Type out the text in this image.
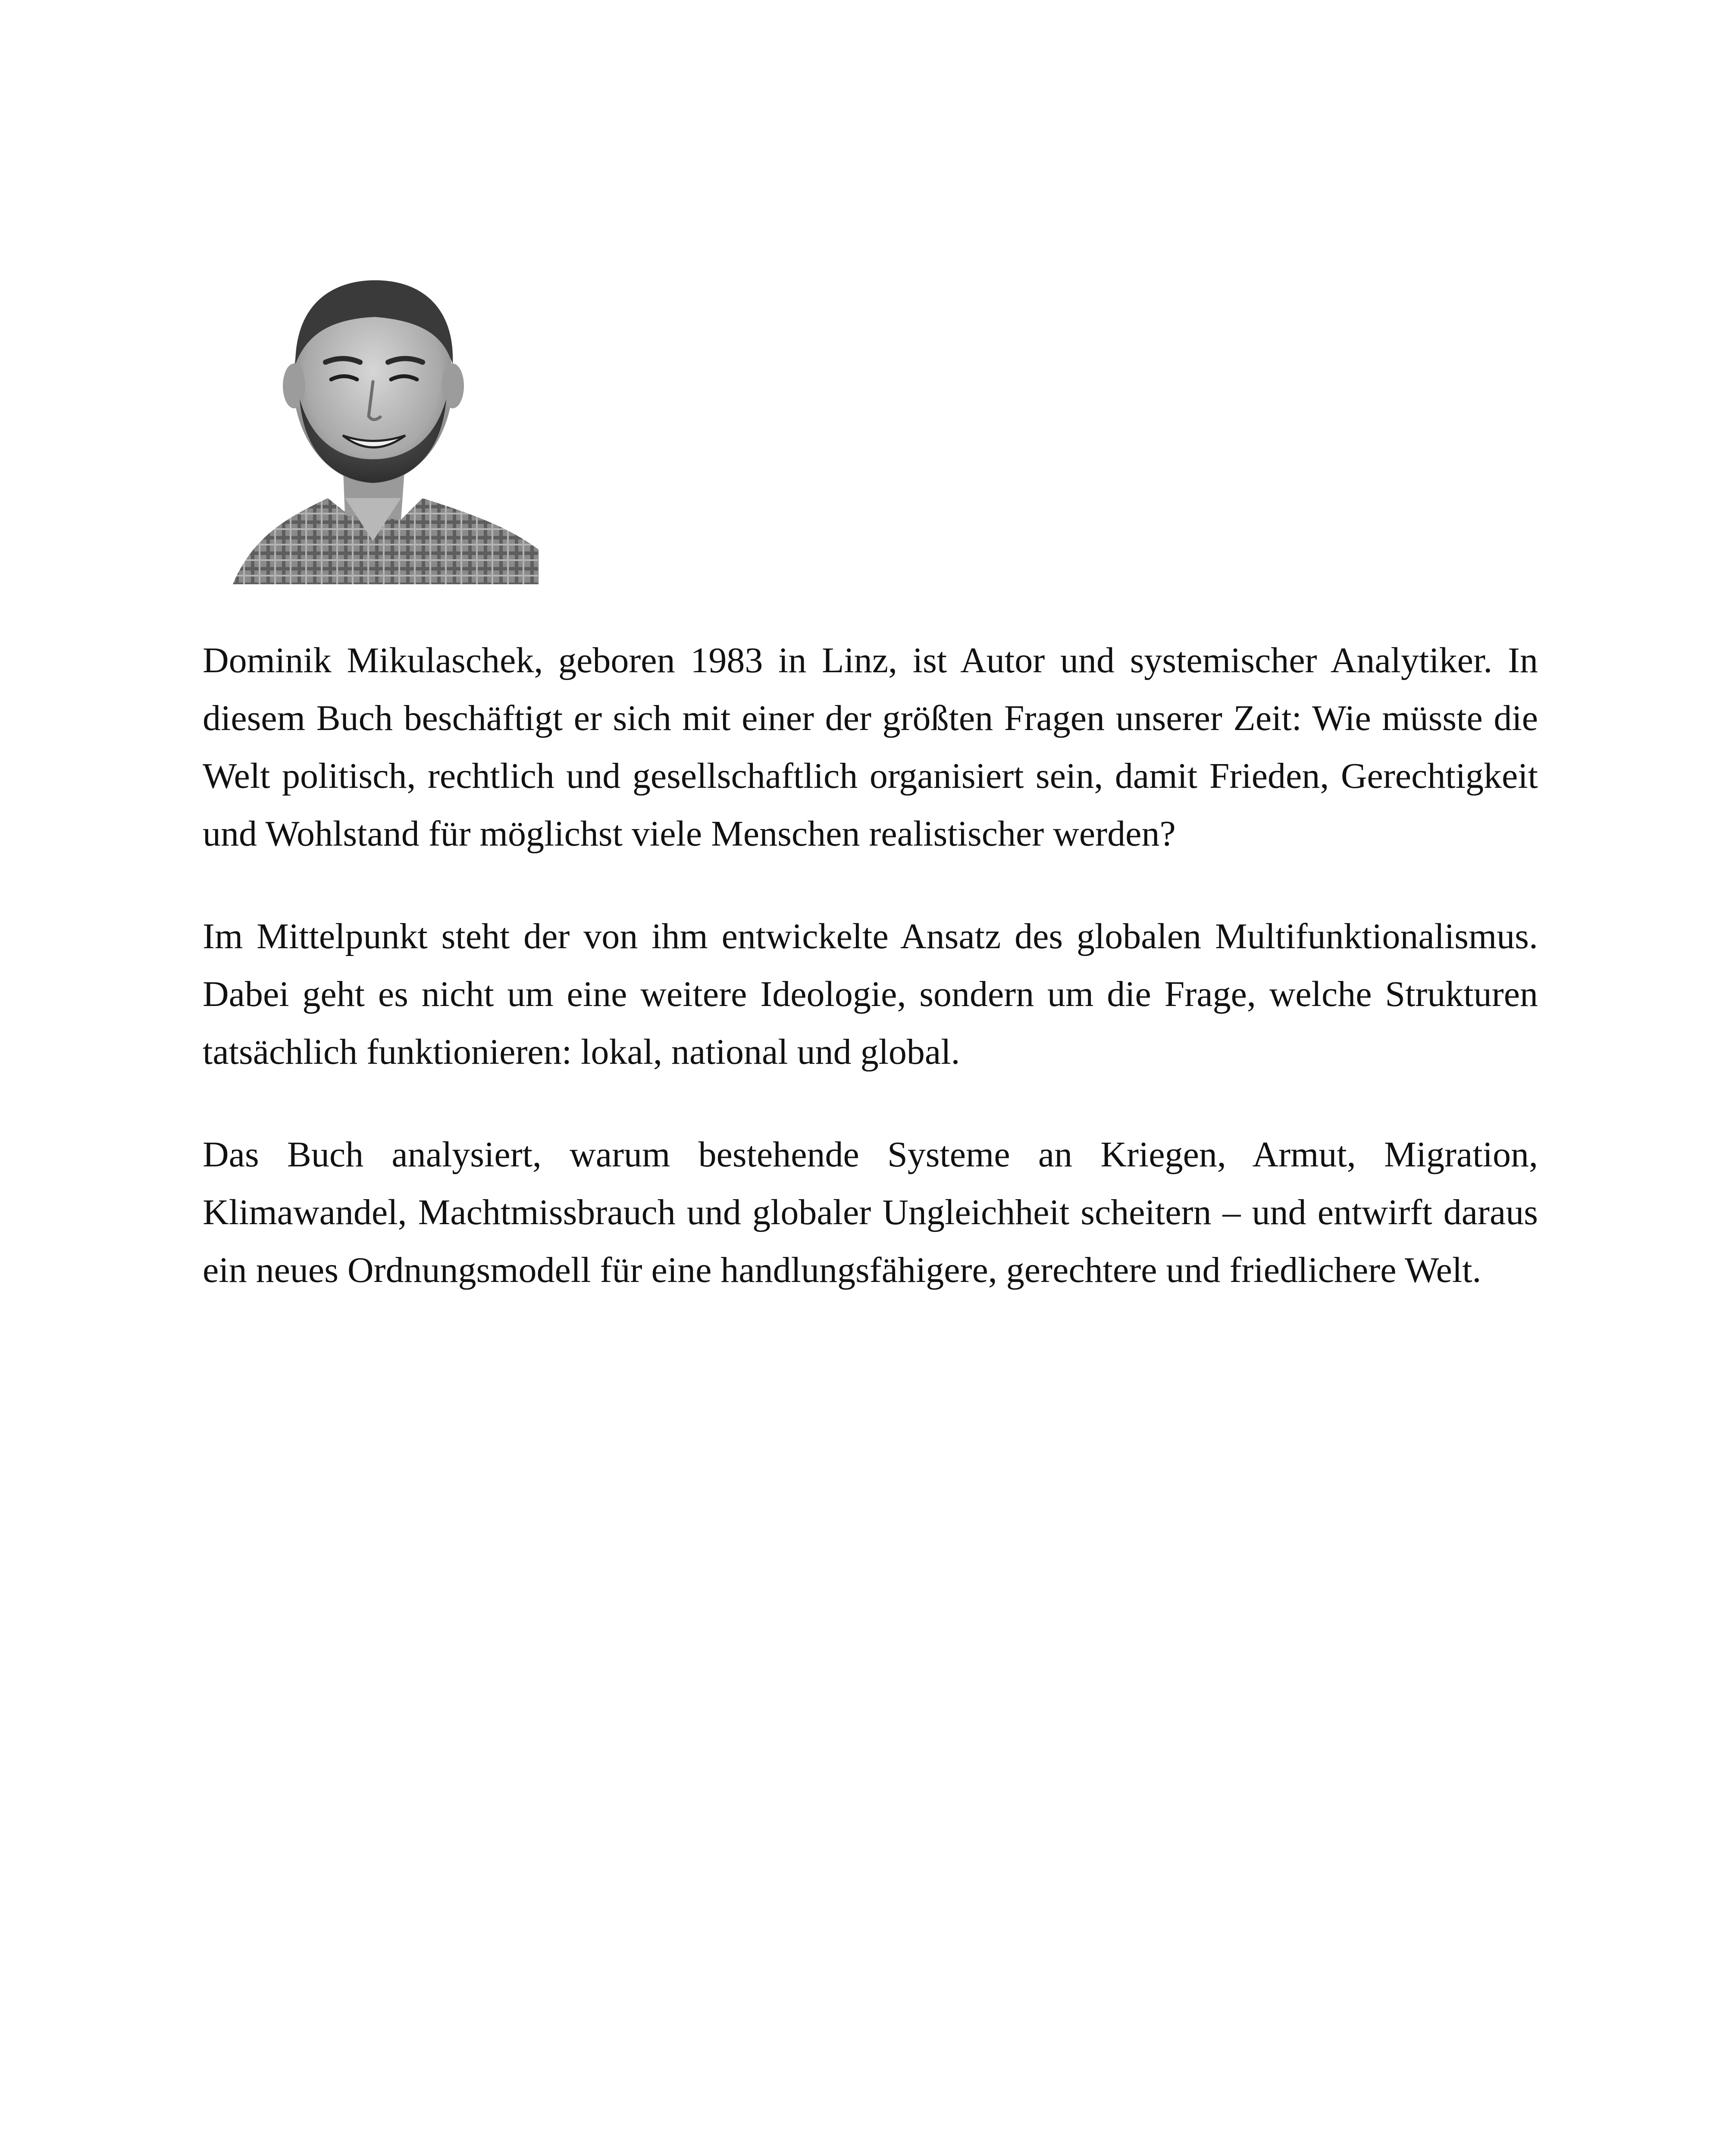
Dominik Mikulaschek, geboren 1983 in Linz, ist Autor und systemischer Analytiker. In diesem Buch beschäftigt er sich mit einer der größten Fragen unserer Zeit: Wie müsste die Welt politisch, rechtlich und gesellschaftlich organisiert sein, damit Frieden, Gerechtigkeit und Wohlstand für möglichst viele Menschen realistischer werden?

Im Mittelpunkt steht der von ihm entwickelte Ansatz des globalen Multifunktionalismus. Dabei geht es nicht um eine weitere Ideologie, sondern um die Frage, welche Strukturen tatsächlich funktionieren: lokal, national und global.

Das Buch analysiert, warum bestehende Systeme an Kriegen, Armut, Migration, Klimawandel, Machtmissbrauch und globaler Ungleichheit scheitern – und entwirft daraus ein neues Ordnungsmodell für eine handlungsfähigere, gerechtere und friedlichere Welt.
